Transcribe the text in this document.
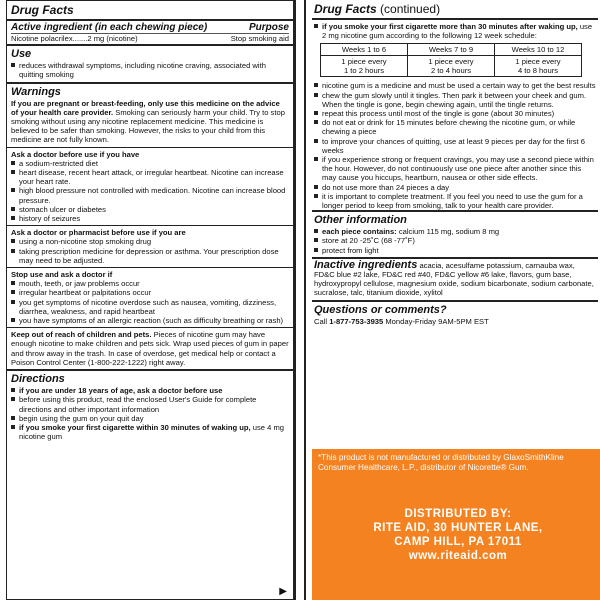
Drug Facts
Active ingredient (in each chewing piece)	Purpose
Nicotine polacrilex.......2 mg (nicotine)	Stop smoking aid
Use
reduces withdrawal symptoms, including nicotine craving, associated with quitting smoking
Warnings
If you are pregnant or breast-feeding, only use this medicine on the advice of your health care provider. Smoking can seriously harm your child. Try to stop smoking without using any nicotine replacement medicine. This medicine is believed to be safer than smoking. However, the risks to your child from this medicine are not fully known.
Ask a doctor before use if you have
a sodium-restricted diet
heart disease, recent heart attack, or irregular heartbeat. Nicotine can increase your heart rate.
high blood pressure not controlled with medication. Nicotine can increase blood pressure.
stomach ulcer or diabetes
history of seizures
Ask a doctor or pharmacist before use if you are
using a non-nicotine stop smoking drug
taking prescription medicine for depression or asthma. Your prescription dose may need to be adjusted.
Stop use and ask a doctor if
mouth, teeth, or jaw problems occur
irregular heartbeat or palpitations occur
you get symptoms of nicotine overdose such as nausea, vomiting, dizziness, diarrhea, weakness, and rapid heartbeat
you have symptoms of an allergic reaction (such as difficulty breathing or rash)
Keep out of reach of children and pets. Pieces of nicotine gum may have enough nicotine to make children and pets sick. Wrap used pieces of gum in paper and throw away in the trash. In case of overdose, get medical help or contact a Poison Control Center (1-800-222-1222) right away.
Directions
if you are under 18 years of age, ask a doctor before use
before using this product, read the enclosed User's Guide for complete directions and other important information
begin using the gum on your quit day
if you smoke your first cigarette within 30 minutes of waking up, use 4 mg nicotine gum
▶
Drug Facts (continued)
if you smoke your first cigarette more than 30 minutes after waking up, use 2 mg nicotine gum according to the following 12 week schedule:
Weeks 1 to 6
1 piece every
1 to 2 hours
Weeks 7 to 9
1 piece every
2 to 4 hours
Weeks 10 to 12
1 piece every
4 to 8 hours
nicotine gum is a medicine and must be used a certain way to get the best results
chew the gum slowly until it tingles. Then park it between your cheek and gum. When the tingle is gone, begin chewing again, until the tingle returns.
repeat this process until most of the tingle is gone (about 30 minutes)
do not eat or drink for 15 minutes before chewing the nicotine gum, or while chewing a piece
to improve your chances of quitting, use at least 9 pieces per day for the first 6 weeks
if you experience strong or frequent cravings, you may use a second piece within the hour. However, do not continuously use one piece after another since this may cause you hiccups, heartburn, nausea or other side effects.
do not use more than 24 pieces a day
it is important to complete treatment. If you feel you need to use the gum for a longer period to keep from smoking, talk to your health care provider.
Other information
each piece contains: calcium 115 mg, sodium 8 mg
store at 20 -25˚C (68 -77˚F)
protect from light
Inactive ingredients acacia, acesulfame potassium, carnauba wax, FD&C blue #2 lake, FD&C red #40, FD&C yellow #6 lake, flavors, gum base, hydroxypropyl cellulose, magnesium oxide, sodium bicarbonate, sodium carbonate, sucralose, talc, titanium dioxide, xylitol
Questions or comments?
Call 1-877-753-3935 Monday-Friday 9AM-5PM EST
*This product is not manufactured or distributed by GlaxoSmithKline Consumer Healthcare, L.P., distributor of Nicorette® Gum.
DISTRIBUTED BY:
RITE AID, 30 HUNTER LANE,
CAMP HILL, PA 17011
www.riteaid.com
